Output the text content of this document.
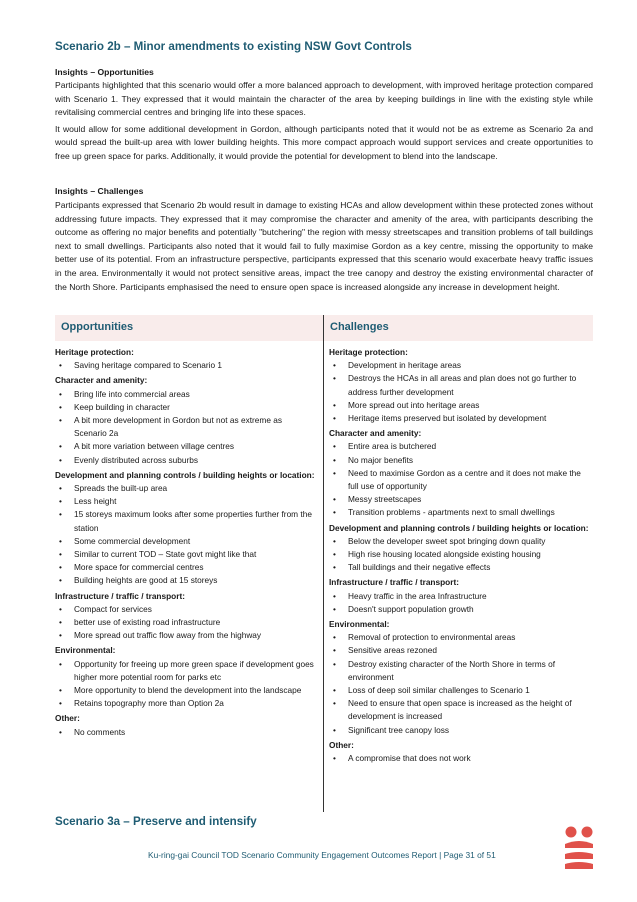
Scenario 2b – Minor amendments to existing NSW Govt Controls
Insights – Opportunities

Participants highlighted that this scenario would offer a more balanced approach to development, with improved heritage protection compared with Scenario 1. They expressed that it would maintain the character of the area by keeping buildings in line with the existing style while revitalising commercial centres and bringing life into these spaces.

It would allow for some additional development in Gordon, although participants noted that it would not be as extreme as Scenario 2a and would spread the built-up area with lower building heights. This more compact approach would support services and create opportunities to free up green space for parks. Additionally, it would provide the potential for development to blend into the landscape.

Insights – Challenges

Participants expressed that Scenario 2b would result in damage to existing HCAs and allow development within these protected zones without addressing future impacts. They expressed that it may compromise the character and amenity of the area, with participants describing the outcome as offering no major benefits and potentially "butchering" the region with messy streetscapes and transition problems of tall buildings next to small dwellings. Participants also noted that it would fail to fully maximise Gordon as a key centre, missing the opportunity to make better use of its potential. From an infrastructure perspective, participants expressed that this scenario would exacerbate heavy traffic issues in the area. Environmentally it would not protect sensitive areas, impact the tree canopy and destroy the existing environmental character of the North Shore. Participants emphasised the need to ensure open space is increased alongside any increase in development height.

Opportunities	Challenges
Heritage protection:
• Saving heritage compared to Scenario 1
Character and amenity:
• Bring life into commercial areas
• Keep building in character
• A bit more development in Gordon but not as extreme as Scenario 2a
• A bit more variation between village centres
• Evenly distributed across suburbs
Development and planning controls / building heights or location:
• Spreads the built-up area
• Less height
• 15 storeys maximum looks after some properties further from the station
• Some commercial development
• Similar to current TOD – State govt might like that
• More space for commercial centres
• Building heights are good at 15 storeys
Infrastructure / traffic / transport:
• Compact for services
• better use of existing road infrastructure
• More spread out traffic flow away from the highway
Environmental:
• Opportunity for freeing up more green space if development goes higher more potential room for parks etc
• More opportunity to blend the development into the landscape
• Retains topography more than Option 2a
Other:
• No comments
Heritage protection:
• Development in heritage areas
• Destroys the HCAs in all areas and plan does not go further to address further development
• More spread out into heritage areas
• Heritage items preserved but isolated by development
Character and amenity:
• Entire area is butchered
• No major benefits
• Need to maximise Gordon as a centre and it does not make the full use of opportunity
• Messy streetscapes
• Transition problems - apartments next to small dwellings
Development and planning controls / building heights or location:
• Below the developer sweet spot bringing down quality
• High rise housing located alongside existing housing
• Tall buildings and their negative effects
Infrastructure / traffic / transport:
• Heavy traffic in the area Infrastructure
• Doesn't support population growth
Environmental:
• Removal of protection to environmental areas
• Sensitive areas rezoned
• Destroy existing character of the North Shore in terms of environment
• Loss of deep soil similar challenges to Scenario 1
• Need to ensure that open space is increased as the height of development is increased
• Significant tree canopy loss
Other:
• A compromise that does not work
Scenario 3a – Preserve and intensify
Ku-ring-gai Council TOD Scenario Community Engagement Outcomes Report | Page 31 of 51
